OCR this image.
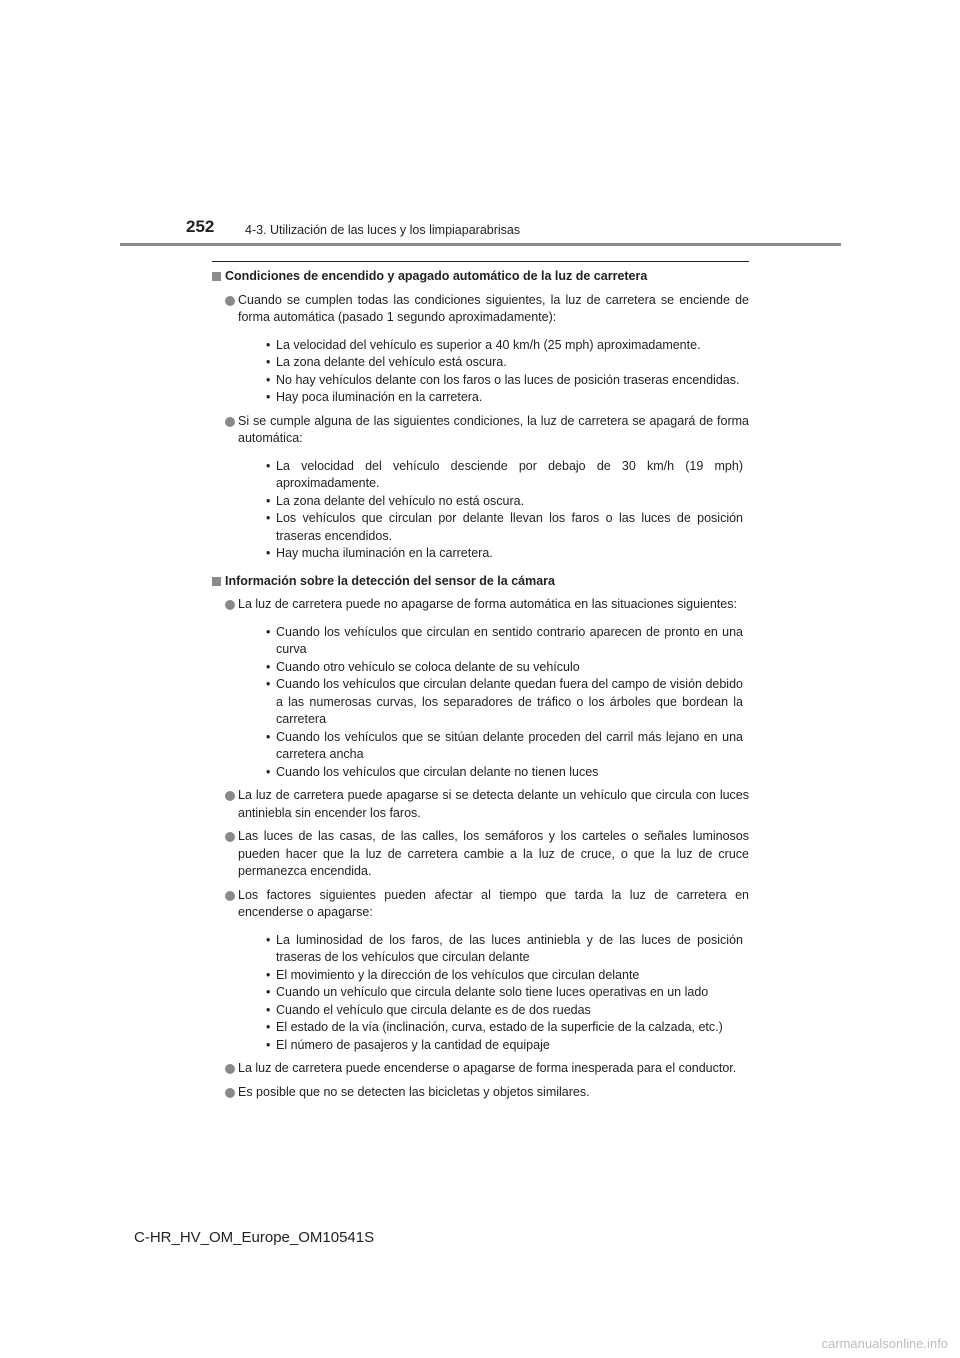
252 4-3. Utilización de las luces y los limpiaparabrisas
Condiciones de encendido y apagado automático de la luz de carretera
Cuando se cumplen todas las condiciones siguientes, la luz de carretera se enciende de forma automática (pasado 1 segundo aproximadamente):
• La velocidad del vehículo es superior a 40 km/h (25 mph) aproximadamente.
• La zona delante del vehículo está oscura.
• No hay vehículos delante con los faros o las luces de posición traseras encendidas.
• Hay poca iluminación en la carretera.
Si se cumple alguna de las siguientes condiciones, la luz de carretera se apagará de forma automática:
• La velocidad del vehículo desciende por debajo de 30 km/h (19 mph) aproximadamente.
• La zona delante del vehículo no está oscura.
• Los vehículos que circulan por delante llevan los faros o las luces de posición traseras encendidos.
• Hay mucha iluminación en la carretera.
Información sobre la detección del sensor de la cámara
La luz de carretera puede no apagarse de forma automática en las situaciones siguientes:
• Cuando los vehículos que circulan en sentido contrario aparecen de pronto en una curva
• Cuando otro vehículo se coloca delante de su vehículo
• Cuando los vehículos que circulan delante quedan fuera del campo de visión debido a las numerosas curvas, los separadores de tráfico o los árboles que bordean la carretera
• Cuando los vehículos que se sitúan delante proceden del carril más lejano en una carretera ancha
• Cuando los vehículos que circulan delante no tienen luces
La luz de carretera puede apagarse si se detecta delante un vehículo que circula con luces antiniebla sin encender los faros.
Las luces de las casas, de las calles, los semáforos y los carteles o señales luminosos pueden hacer que la luz de carretera cambie a la luz de cruce, o que la luz de cruce permanezca encendida.
Los factores siguientes pueden afectar al tiempo que tarda la luz de carretera en encenderse o apagarse:
• La luminosidad de los faros, de las luces antiniebla y de las luces de posición traseras de los vehículos que circulan delante
• El movimiento y la dirección de los vehículos que circulan delante
• Cuando un vehículo que circula delante solo tiene luces operativas en un lado
• Cuando el vehículo que circula delante es de dos ruedas
• El estado de la vía (inclinación, curva, estado de la superficie de la calzada, etc.)
• El número de pasajeros y la cantidad de equipaje
La luz de carretera puede encenderse o apagarse de forma inesperada para el conductor.
Es posible que no se detecten las bicicletas y objetos similares.
C-HR_HV_OM_Europe_OM10541S
carmanualsonline.info
